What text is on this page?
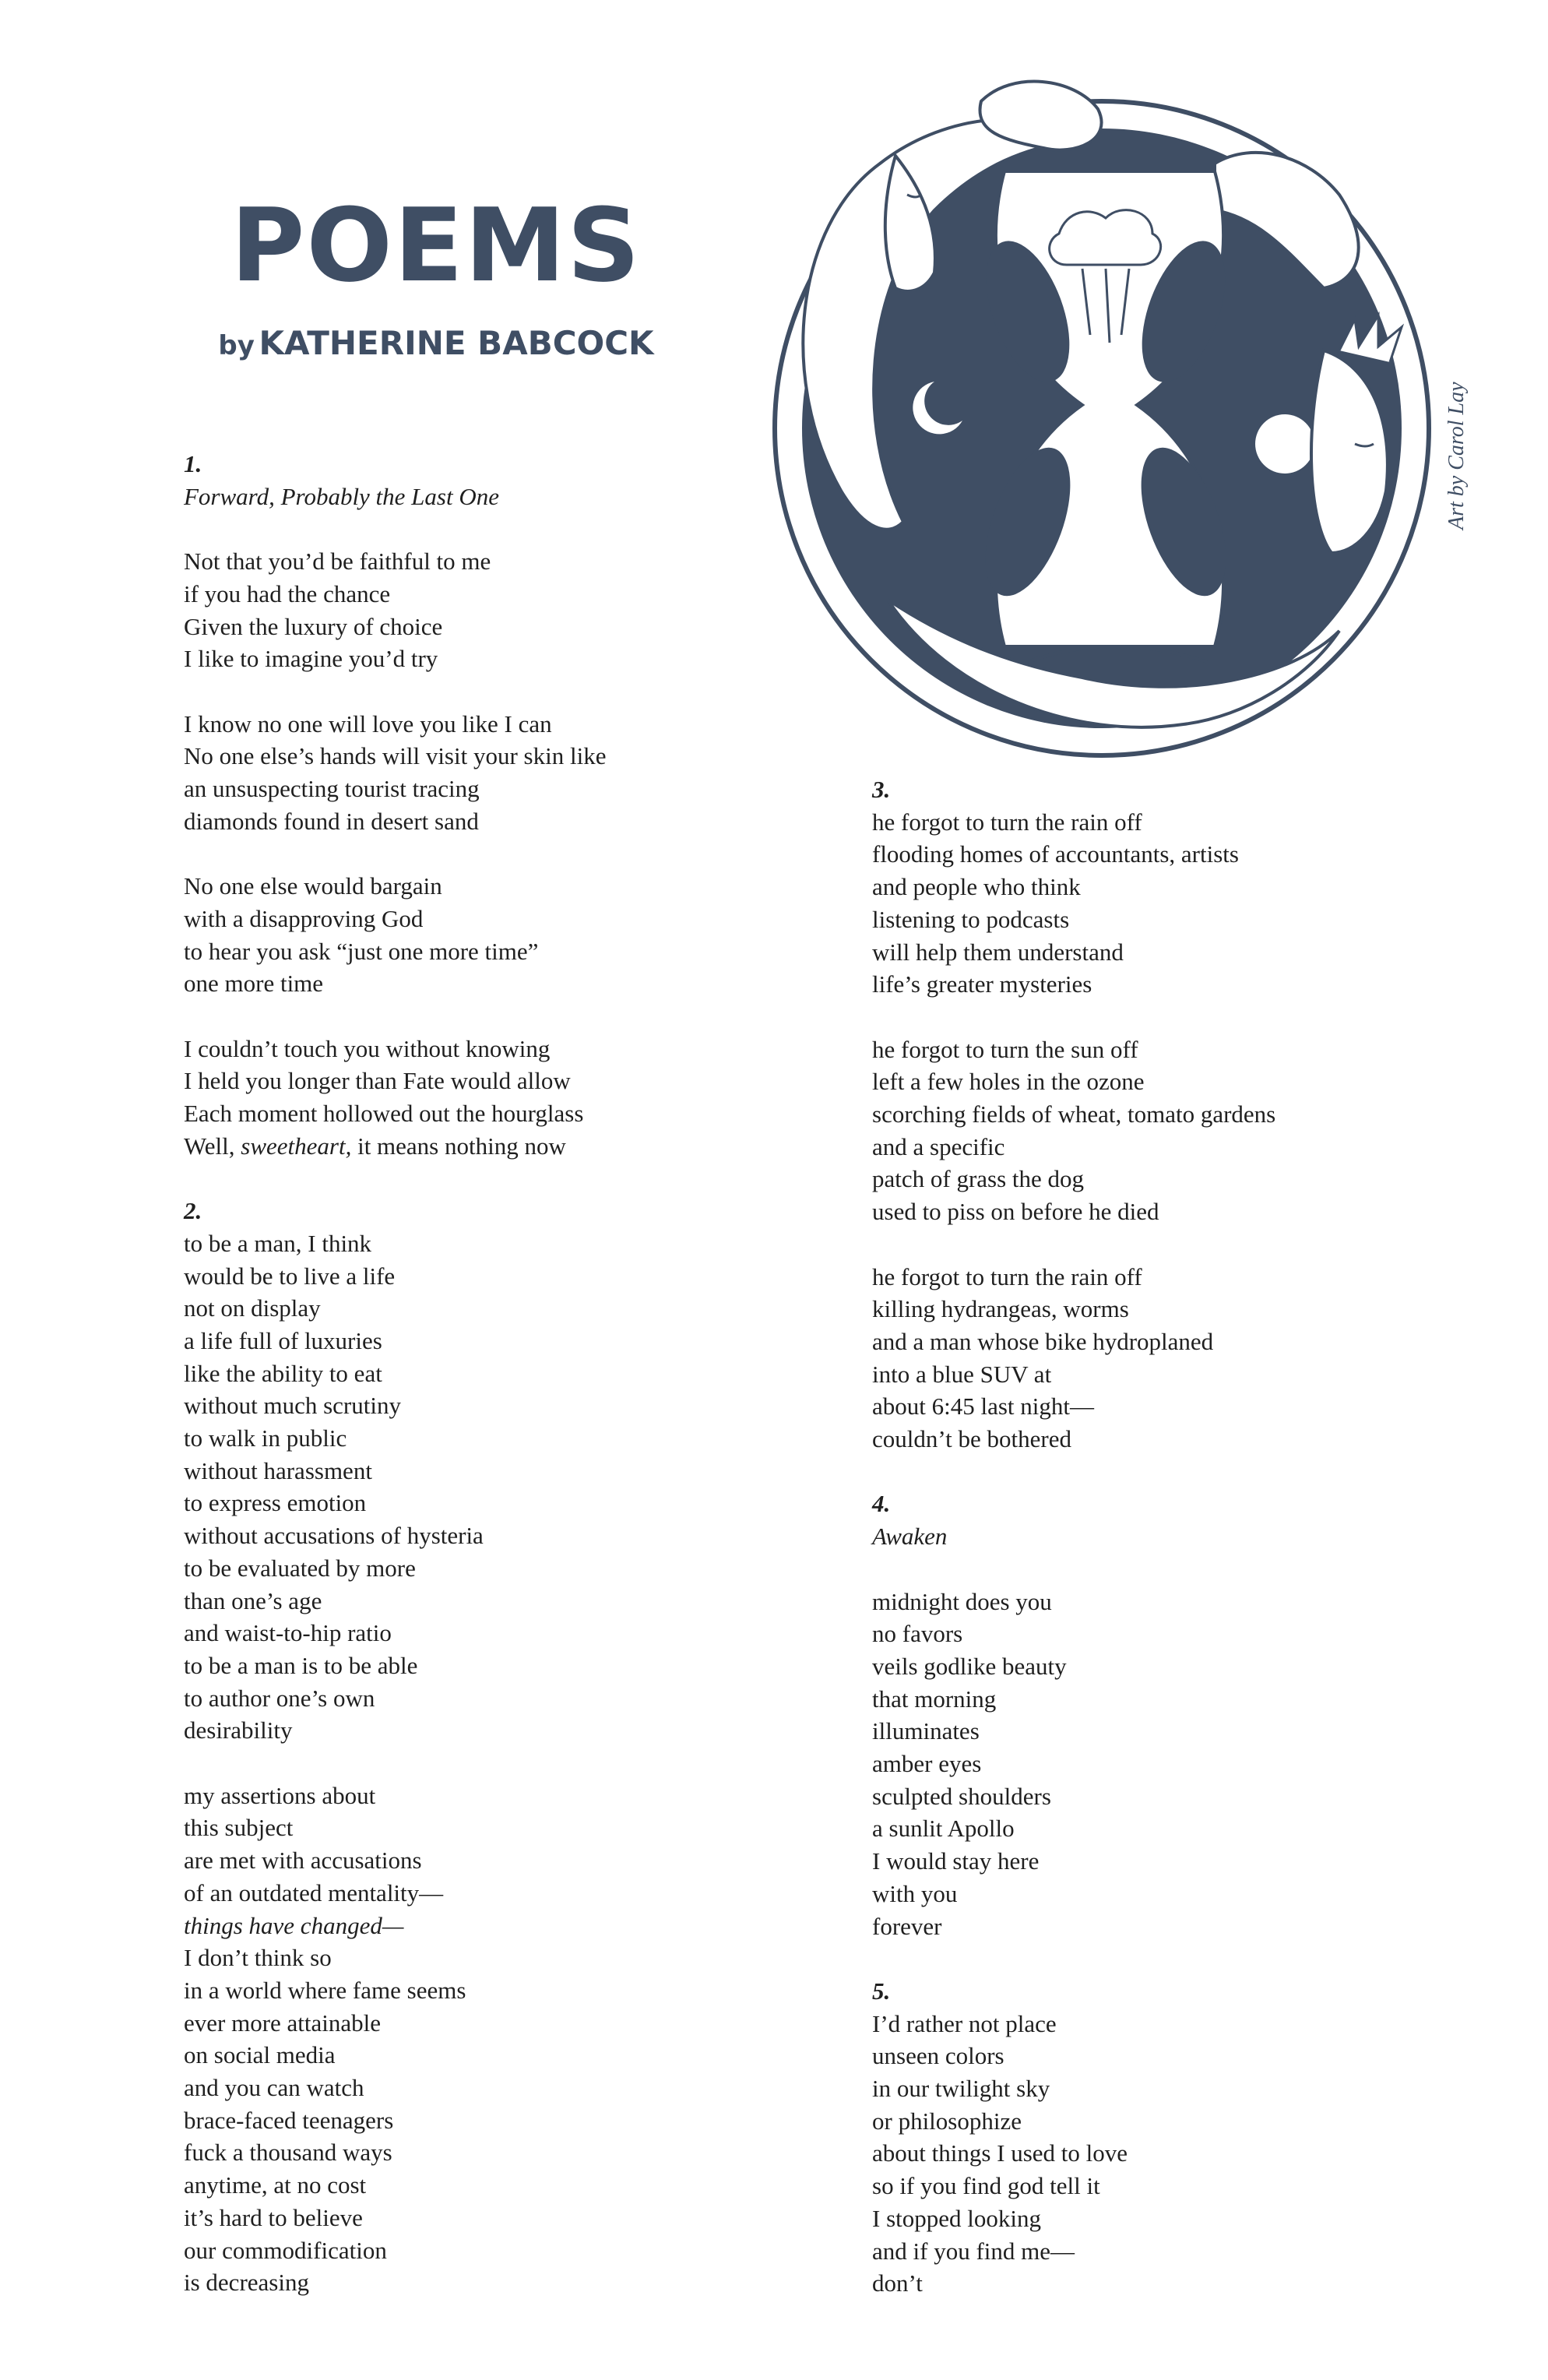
POEMS
by KATHERINE BABCOCK
Art by Carol Lay
1.
Forward, Probably the Last One
Not that you’d be faithful to me
if you had the chance
Given the luxury of choice
I like to imagine you’d try
I know no one will love you like I can
No one else’s hands will visit your skin like
an unsuspecting tourist tracing
diamonds found in desert sand
No one else would bargain
with a disapproving God
to hear you ask “just one more time”
one more time
I couldn’t touch you without knowing
I held you longer than Fate would allow
Each moment hollowed out the hourglass
Well, sweetheart, it means nothing now
2.
to be a man, I think
would be to live a life
not on display
a life full of luxuries
like the ability to eat
without much scrutiny
to walk in public
without harassment
to express emotion
without accusations of hysteria
to be evaluated by more
than one’s age
and waist-to-hip ratio
to be a man is to be able
to author one’s own
desirability
my assertions about
this subject
are met with accusations
of an outdated mentality—
things have changed—
I don’t think so
in a world where fame seems
ever more attainable
on social media
and you can watch
brace-faced teenagers
fuck a thousand ways
anytime, at no cost
it’s hard to believe
our commodification
is decreasing
3.
he forgot to turn the rain off
flooding homes of accountants, artists
and people who think
listening to podcasts
will help them understand
life’s greater mysteries
he forgot to turn the sun off
left a few holes in the ozone
scorching fields of wheat, tomato gardens
and a specific
patch of grass the dog
used to piss on before he died
he forgot to turn the rain off
killing hydrangeas, worms
and a man whose bike hydroplaned
into a blue SUV at
about 6:45 last night—
couldn’t be bothered
4.
Awaken
midnight does you
no favors
veils godlike beauty
that morning
illuminates
amber eyes
sculpted shoulders
a sunlit Apollo
I would stay here
with you
forever
5.
I’d rather not place
unseen colors
in our twilight sky
or philosophize
about things I used to love
so if you find god tell it
I stopped looking
and if you find me—
don’t
